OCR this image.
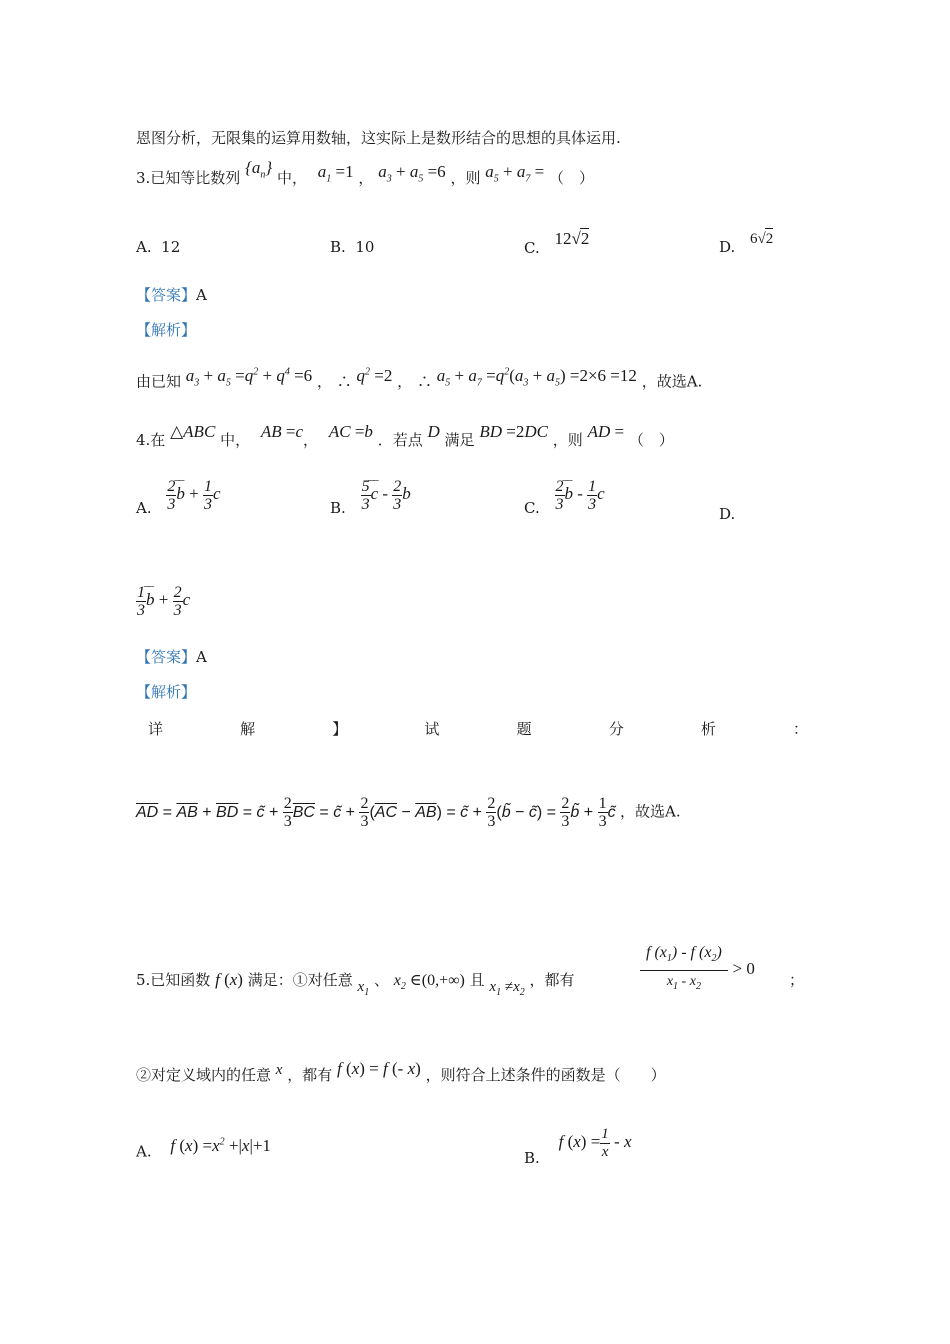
恩图分析，无限集的运算用数轴，这实际上是数形结合的思想的具体运用.
3.已知等比数列 $\{a_n\}$ 中， $a_1 =1$ ， $a_3 + a_5 =6$ ，则 $a_5 + a_7$ = （　）
A. 12	B. 10	C. 12√2	D. 6√2
【答案】A
【解析】
由已知 $a_3 + a_5 =q^2 + q^4 =6$ ， ∴ $q^2 =2$ ， ∴ $a_5 + a_7 =q^2(a_3 + a_5) =2\times 6 =12$ ，故选A.
4.在 △ABC 中， AB =c， AC =b ．若点 D 满足 BD =2DC ，则 AD = （　）
A. $\frac{2}{3} -- b + \frac{1}{3}$ c
B. $\frac{5}{3}$ –– c - $\frac{2}{3}$ b
C. $\frac{2}{3}$ –– b - $\frac{1}{3}$ c
D.
$\frac{1}{3} -- b + \frac{2}{3}$ c
【答案】A
【解析】
详	解	】	试	题	分	析	：
$\overline{AD} = \overline{AB} + \overline{BD}$ = c̃ + $\frac{2}{3} \overline{BC}$ = c̃ + $\frac{2}{3} (\overline{AC} - \overline{AB})$ = c̃ + $\frac{2}{3}$ (b̃ − c̃) = $\frac{2}{3}$ b̃ + $\frac{1}{3}$ c̃ ，故选A.
5.已知函数 f (x) 满足：①对任意 $x_1$ 、 $x_2$ ∈(0,+∞) 且 $x_1 \ne x_2$ ，都有	$\frac{f (x_1) - f (x_2)}{x_1 - x_2} > 0$
；
②对定义域内的任意 x ，都有 f (x) = f (- x) ，则符合上述条件的函数是（　　）
A. f $(x) =x^2 +|x|+1$
B. f $(x) = \frac{1}{x} - x$
